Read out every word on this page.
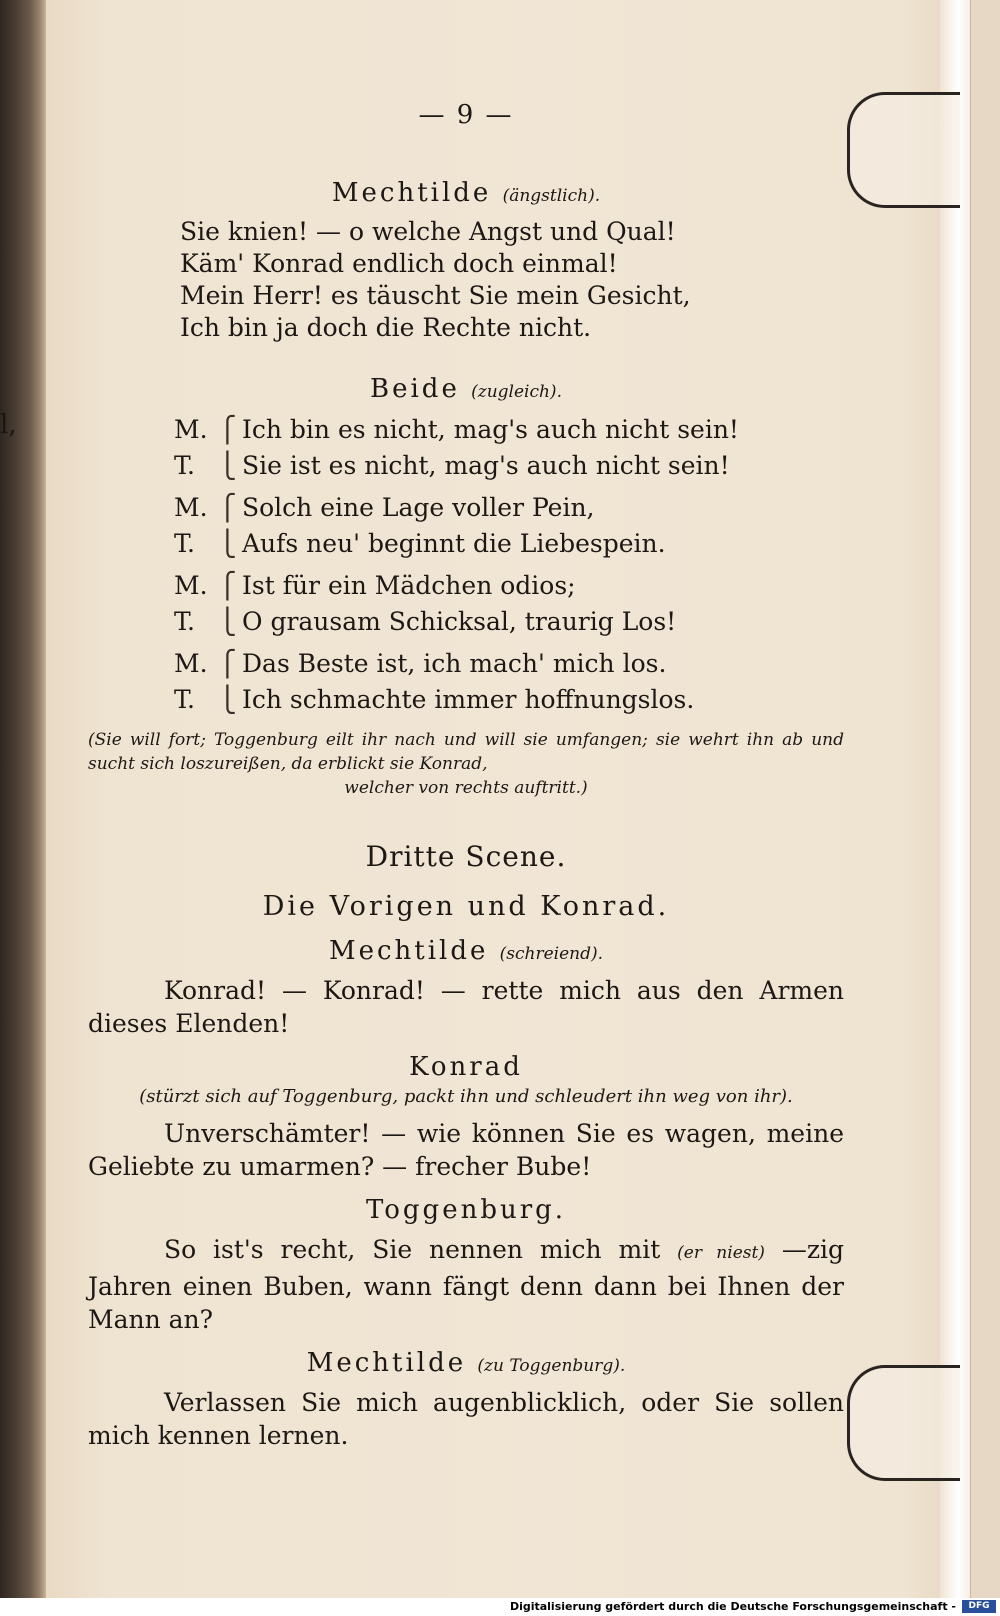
l,
— 9 —
Mechtilde (ängstlich).
Sie knien! — o welche Angst und Qual!
Käm' Konrad endlich doch einmal!
Mein Herr! es täuscht Sie mein Gesicht,
Ich bin ja doch die Rechte nicht.
Beide (zugleich).
M.
T.
⎧
⎩
Ich bin es nicht, mag's auch nicht sein!
Sie ist es nicht, mag's auch nicht sein!
M.
T.
⎧
⎩
Solch eine Lage voller Pein,
Aufs neu' beginnt die Liebespein.
M.
T.
⎧
⎩
Ist für ein Mädchen odios;
O grausam Schicksal, traurig Los!
M.
T.
⎧
⎩
Das Beste ist, ich mach' mich los.
Ich schmachte immer hoffnungslos.
(Sie will fort; Toggenburg eilt ihr nach und will sie umfangen; sie wehrt ihn ab und sucht sich loszureißen, da erblickt sie Konrad,
welcher von rechts auftritt.)
Dritte Scene.
Die Vorigen und Konrad.
Mechtilde (schreiend).

Konrad! — Konrad! — rette mich aus den Armen dieses Elenden!

Konrad
(stürzt sich auf Toggenburg, packt ihn und schleudert ihn weg von ihr).

Unverschämter! — wie können Sie es wagen, meine Geliebte zu umarmen? — frecher Bube!

Toggenburg.

So ist's recht, Sie nennen mich mit (er niest) —zig Jahren einen Buben, wann fängt denn dann bei Ihnen der Mann an?

Mechtilde (zu Toggenburg).

Verlassen Sie mich augenblicklich, oder Sie sollen mich kennen lernen.

Digitalisierung gefördert durch die Deutsche Forschungsgemeinschaft -	DFG
